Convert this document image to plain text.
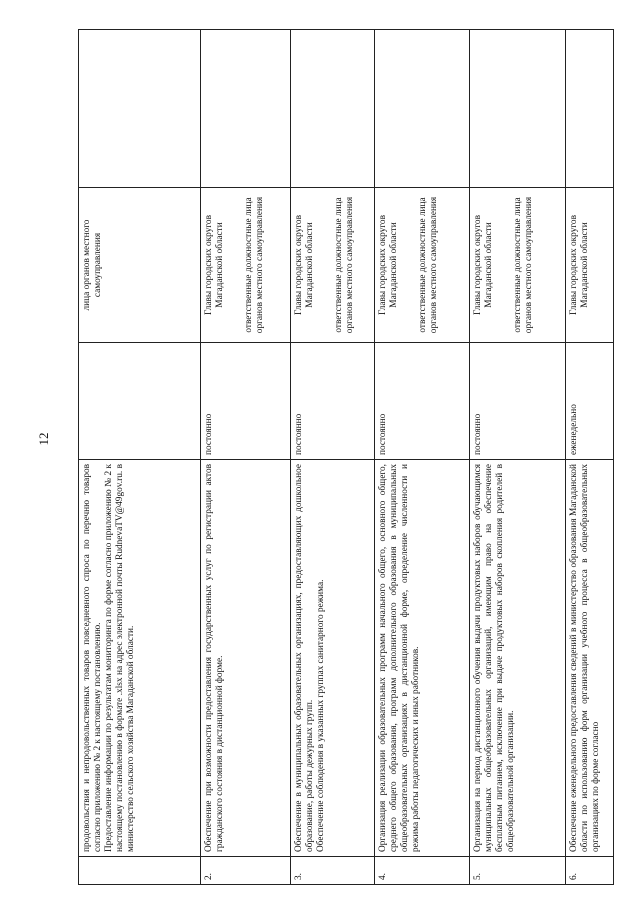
12

	продовольствия и непродовольственных товаров повседневного спроса по перечню товаров согласно приложению № 2 к настоящему постановлению. Предоставление информации по результатам мониторинга по форме согласно приложению № 2 к настоящему постановлению в формате .xlsx на адрес электронной почты RudnevaTV@49gov.ru. в министерство сельского хозяйства Магаданской области.		лица органов местного самоуправления	

2.	Обеспечение при возможности предоставления государственных услуг по регистрации актов гражданского состояния в дистанционной форме.	постоянно	Главы городских округов Магаданской области ответственные должностные лица органов местного самоуправления	

3.	Обеспечение в муниципальных образовательных организациях, предоставляющих дошкольное образование, работы дежурных групп. Обеспечение соблюдения в указанных группах санитарного режима.	постоянно	Главы городских округов Магаданской области ответственные должностные лица органов местного самоуправления	

4.	Организация реализации образовательных программ начального общего, основного общего, среднего общего образования, программ дополнительного образования в муниципальных общеобразовательных организациях в дистанционной форме, определение численности и режима работы педагогических и иных работников.	постоянно	Главы городских округов Магаданской области ответственные должностные лица органов местного самоуправления	

5.	Организация на период дистанционного обучения выдачи продуктовых наборов обучающимся муниципальных общеобразовательных организаций, имеющим право на обеспечение бесплатным питанием, исключение при выдаче продуктовых наборов скопления родителей в общеобразовательной организации.	постоянно	Главы городских округов Магаданской области ответственные должностные лица органов местного самоуправления	

6.	Обеспечение еженедельного предоставления сведений в министерство образования Магаданской области по использованию форм организации учебного процесса в общеобразовательных организациях по форме согласно	еженедельно	Главы городских округов Магаданской области	
